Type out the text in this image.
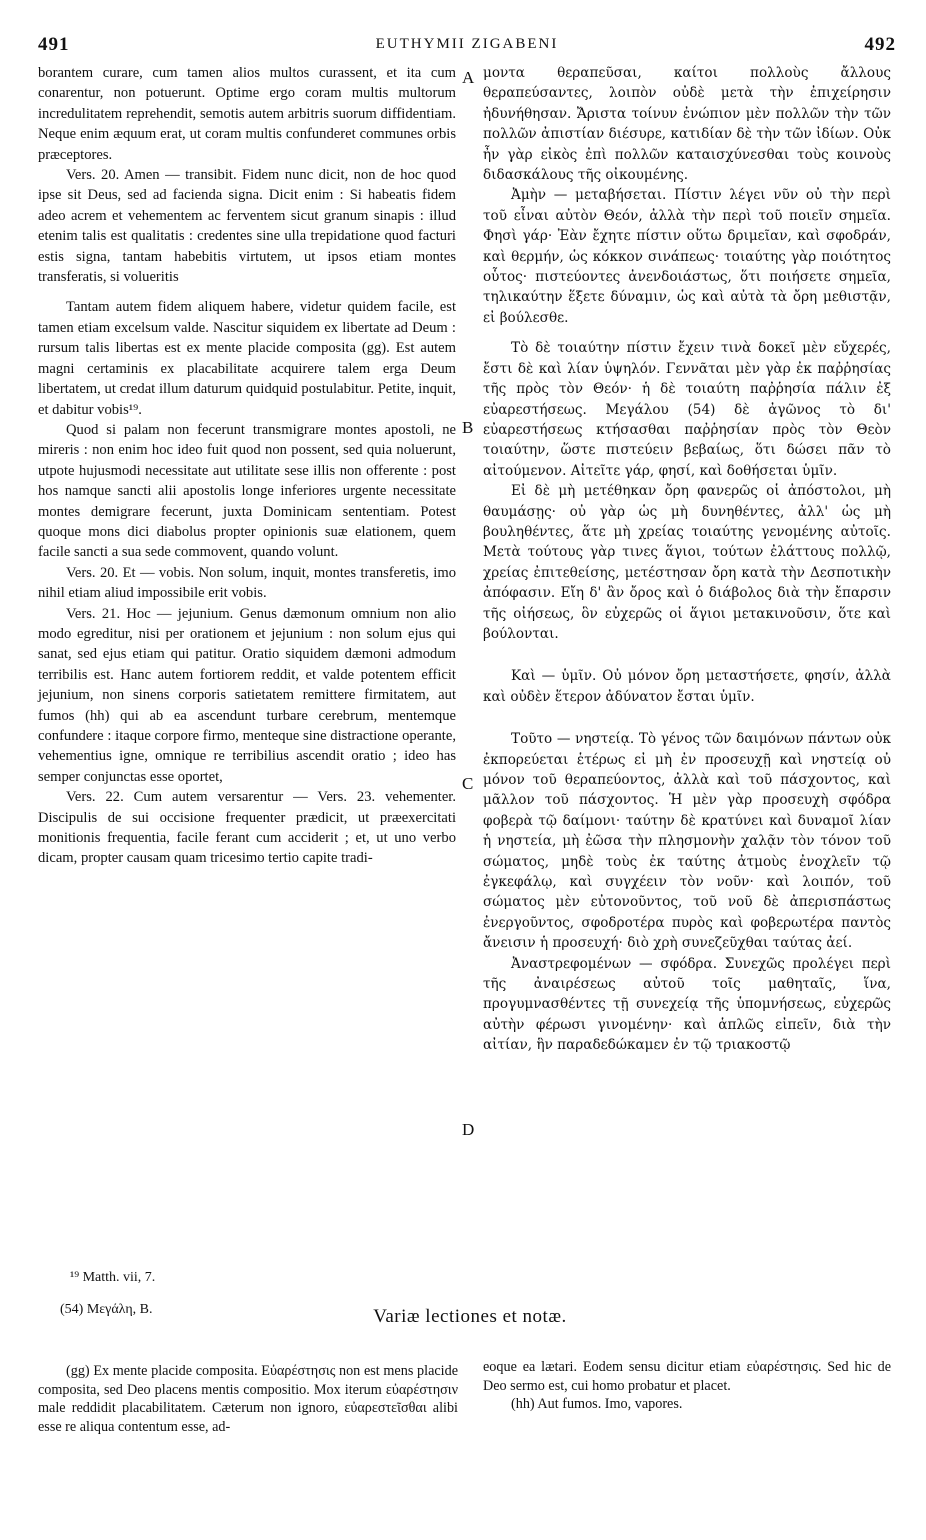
491	EUTHYMII ZIGABENI	492

borantem curare, cum tamen alios multos curassent, et ita cum conarentur, non potuerunt. Optime ergo coram multis multorum incredulitatem reprehendit, semotis autem arbitris suorum diffidentiam. Neque enim æquum erat, ut coram multis confunderet communes orbis præceptores.

Vers. 20. Amen — transibit. Fidem nunc dicit, non de hoc quod ipse sit Deus, sed ad facienda signa. Dicit enim : Si habeatis fidem adeo acrem et vehementem ac ferventem sicut granum sinapis : illud etenim talis est qualitatis : credentes sine ulla trepidatione quod facturi estis signa, tantam habebitis virtutem, ut ipsos etiam montes transferatis, si volueritis

Tantam autem fidem aliquem habere, videtur quidem facile, est tamen etiam excelsum valde. Nascitur siquidem ex libertate ad Deum : rursum talis libertas est ex mente placide composita (gg). Est autem magni certaminis ex placabilitate acquirere talem erga Deum libertatem, ut credat illum daturum quidquid postulabitur. Petite, inquit, et dabitur vobis¹⁹.

Quod si palam non fecerunt transmigrare montes apostoli, ne mireris : non enim hoc ideo fuit quod non possent, sed quia noluerunt, utpote hujusmodi necessitate aut utilitate sese illis non offerente : post hos namque sancti alii apostolis longe inferiores urgente necessitate montes demigrare fecerunt, juxta Dominicam sententiam. Potest quoque mons dici diabolus propter opinionis suæ elationem, quem facile sancti a sua sede commovent, quando volunt.

Vers. 20. Et — vobis. Non solum, inquit, montes transferetis, imo nihil etiam aliud impossibile erit vobis.

Vers. 21. Hoc — jejunium. Genus dæmonum omnium non alio modo egreditur, nisi per orationem et jejunium : non solum ejus qui sanat, sed ejus etiam qui patitur. Oratio siquidem dæmoni admodum terribilis est. Hanc autem fortiorem reddit, et valde potentem efficit jejunium, non sinens corporis satietatem remittere firmitatem, aut fumos (hh) qui ab ea ascendunt turbare cerebrum, mentemque confundere : itaque corpore firmo, menteque sine distractione operante, vehementius igne, omnique re terribilius ascendit oratio ; ideo has semper conjunctas esse oportet,

Vers. 22. Cum autem versarentur — Vers. 23. vehementer. Discipulis de sui occisione frequenter prædicit, ut præexercitati monitionis frequentia, facile ferant cum acciderit ; et, ut uno verbo dicam, propter causam quam tricesimo tertio capite tradi-

μοντα θεραπεῦσαι, καίτοι πολλοὺς ἄλλους θεραπεύσαντες, λοιπὸν οὐδὲ μετὰ τὴν ἐπιχείρησιν ἠδυνήθησαν. Ἄριστα τοίνυν ἐνώπιον μὲν πολλῶν τὴν τῶν πολλῶν ἀπιστίαν διέσυρε, κατιδίαν δὲ τὴν τῶν ἰδίων. Οὐκ ἦν γὰρ εἰκὸς ἐπὶ πολλῶν καταισχύνεσθαι τοὺς κοινοὺς διδασκάλους τῆς οἰκουμένης.

Ἀμὴν — μεταβήσεται. Πίστιν λέγει νῦν οὐ τὴν περὶ τοῦ εἶναι αὐτὸν Θεόν, ἀλλὰ τὴν περὶ τοῦ ποιεῖν σημεῖα. Φησὶ γάρ· Ἐὰν ἔχητε πίστιν οὕτω δριμεῖαν, καὶ σφοδράν, καὶ θερμήν, ὡς κόκκον σινάπεως· τοιαύτης γὰρ ποιότητος οὗτος· πιστεύοντες ἀνενδοιάστως, ὅτι ποιήσετε σημεῖα, τηλικαύτην ἕξετε δύναμιν, ὡς καὶ αὐτὰ τὰ ὄρη μεθιστᾷν, εἰ βούλεσθε.

Τὸ δὲ τοιαύτην πίστιν ἔχειν τινὰ δοκεῖ μὲν εὔχερές, ἔστι δὲ καὶ λίαν ὑψηλόν. Γεννᾶται μὲν γὰρ ἐκ παῤῥησίας τῆς πρὸς τὸν Θεόν· ἡ δὲ τοιαύτη παῤῥησία πάλιν ἐξ εὐαρεστήσεως. Μεγάλου (54) δὲ ἀγῶνος τὸ δι' εὐαρεστήσεως κτήσασθαι παῤῥησίαν πρὸς τὸν Θεὸν τοιαύτην, ὥστε πιστεύειν βεβαίως, ὅτι δώσει πᾶν τὸ αἰτούμενον. Αἰτεῖτε γάρ, φησί, καὶ δοθήσεται ὑμῖν.

Εἰ δὲ μὴ μετέθηκαν ὄρη φανερῶς οἱ ἀπόστολοι, μὴ θαυμάσῃς· οὐ γὰρ ὡς μὴ δυνηθέντες, ἀλλ' ὡς μὴ βουληθέντες, ἅτε μὴ χρείας τοιαύτης γενομένης αὐτοῖς. Μετὰ τούτους γὰρ τινες ἅγιοι, τούτων ἐλάττους πολλῷ, χρείας ἐπιτεθείσης, μετέστησαν ὄρη κατὰ τὴν Δεσποτικὴν ἀπόφασιν. Εἴη δ' ἂν ὄρος καὶ ὁ διάβολος διὰ τὴν ἔπαρσιν τῆς οἰήσεως, ὃν εὐχερῶς οἱ ἅγιοι μετακινοῦσιν, ὅτε καὶ βούλονται.

Καὶ — ὑμῖν. Οὐ μόνον ὄρη μεταστήσετε, φησίν, ἀλλὰ καὶ οὐδὲν ἕτερον ἀδύνατον ἔσται ὑμῖν.

Τοῦτο — νηστείᾳ. Τὸ γένος τῶν δαιμόνων πάντων οὐκ ἐκπορεύεται ἑτέρως εἰ μὴ ἐν προσευχῇ καὶ νηστείᾳ οὐ μόνον τοῦ θεραπεύοντος, ἀλλὰ καὶ τοῦ πάσχοντος, καὶ μᾶλλον τοῦ πάσχοντος. Ἡ μὲν γὰρ προσευχὴ σφόδρα φοβερὰ τῷ δαίμονι· ταύτην δὲ κρατύνει καὶ δυναμοῖ λίαν ἡ νηστεία, μὴ ἐῶσα τὴν πλησμονὴν χαλᾷν τὸν τόνον τοῦ σώματος, μηδὲ τοὺς ἐκ ταύτης ἀτμοὺς ἐνοχλεῖν τῷ ἐγκεφάλῳ, καὶ συγχέειν τὸν νοῦν· καὶ λοιπόν, τοῦ σώματος μὲν εὐτονοῦντος, τοῦ νοῦ δὲ ἀπερισπάστως ἐνεργοῦντος, σφοδροτέρα πυρὸς καὶ φοβερωτέρα παντὸς ἄνεισιν ἡ προσευχή· διὸ χρὴ συνεζεῦχθαι ταύτας ἀεί.

Ἀναστρεφομένων — σφόδρα. Συνεχῶς προλέγει περὶ τῆς ἀναιρέσεως αὐτοῦ τοῖς μαθηταῖς, ἵνα, προγυμνασθέντες τῇ συνεχείᾳ τῆς ὑπομνήσεως, εὐχερῶς αὐτὴν φέρωσι γινομένην· καὶ ἁπλῶς εἰπεῖν, διὰ τὴν αἰτίαν, ἣν παραδεδώκαμεν ἐν τῷ τριακοστῷ

A
B
C
D
¹⁹ Matth. vii, 7.
(54) Μεγάλη, B.	Variæ lectiones et notæ.

(gg) Ex mente placide composita. Εὐαρέστησις non est mens placide composita, sed Deo placens mentis compositio. Mox iterum εὐαρέστησιν male reddidit placabilitatem. Cæterum non ignoro, εὐαρεστεῖσθαι alibi esse re aliqua contentum esse, ad-

eoque ea lætari. Eodem sensu dicitur etiam εὐαρέστησις. Sed hic de Deo sermo est, cui homo probatur et placet.

(hh) Aut fumos. Imo, vapores.
